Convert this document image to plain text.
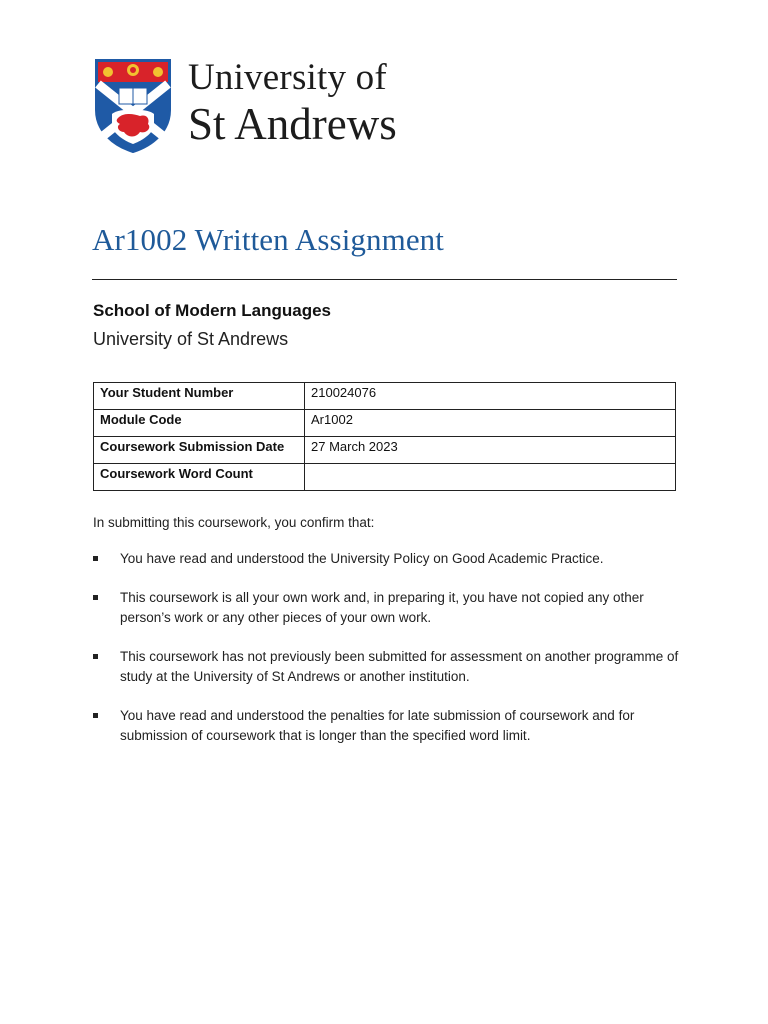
University of
St Andrews
Ar1002 Written Assignment
School of Modern Languages
University of St Andrews
Your Student Number	210024076
Module Code	Ar1002
Coursework Submission Date	27 March 2023
Coursework Word Count	
In submitting this coursework, you confirm that:
You have read and understood the University Policy on Good Academic Practice.
This coursework is all your own work and, in preparing it, you have not copied any other person’s work or any other pieces of your own work.
This coursework has not previously been submitted for assessment on another programme of study at the University of St Andrews or another institution.
You have read and understood the penalties for late submission of coursework and for submission of coursework that is longer than the specified word limit.
